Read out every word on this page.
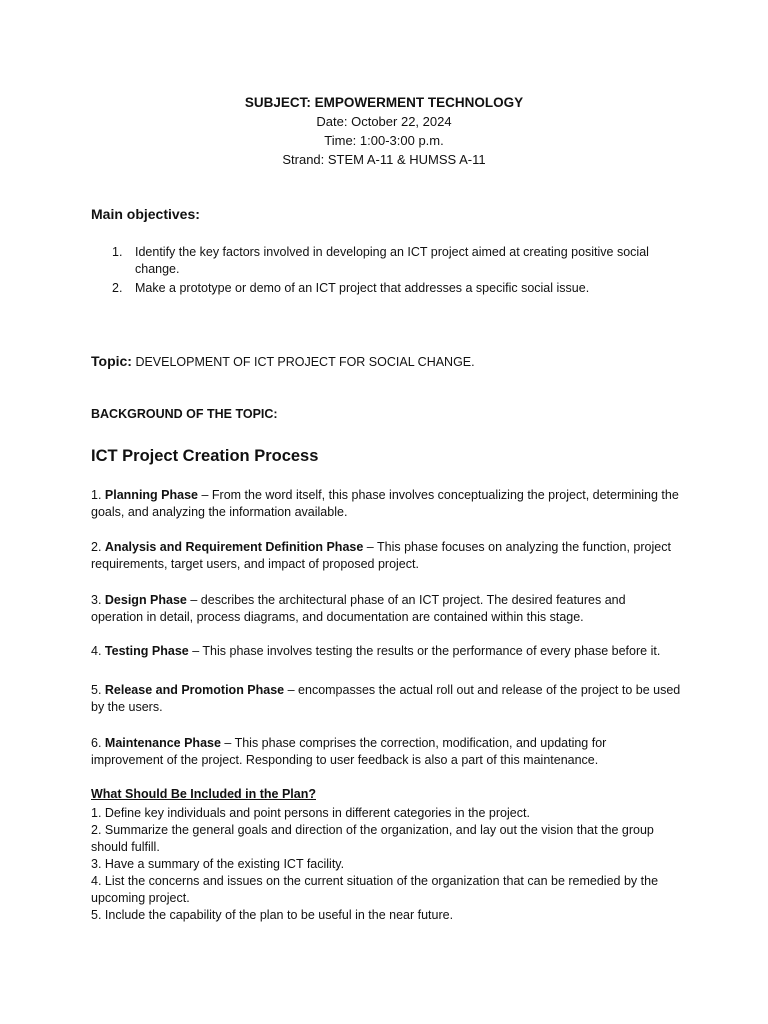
SUBJECT: EMPOWERMENT TECHNOLOGY
Date: October 22, 2024
Time: 1:00-3:00 p.m.
Strand: STEM A-11 & HUMSS A-11
Main objectives:
1.	Identify the key factors involved in developing an ICT project aimed at creating positive social change.
2.	Make a prototype or demo of an ICT project that addresses a specific social issue.
Topic: DEVELOPMENT OF ICT PROJECT FOR SOCIAL CHANGE.
BACKGROUND OF THE TOPIC:
ICT Project Creation Process
1. Planning Phase – From the word itself, this phase involves conceptualizing the project, determining the goals, and analyzing the information available.
2. Analysis and Requirement Definition Phase – This phase focuses on analyzing the function, project requirements, target users, and impact of proposed project.
3. Design Phase – describes the architectural phase of an ICT project. The desired features and operation in detail, process diagrams, and documentation are contained within this stage.
4. Testing Phase – This phase involves testing the results or the performance of every phase before it.
5. Release and Promotion Phase – encompasses the actual roll out and release of the project to be used by the users.
6. Maintenance Phase – This phase comprises the correction, modification, and updating for improvement of the project. Responding to user feedback is also a part of this maintenance.
What Should Be Included in the Plan?
1. Define key individuals and point persons in different categories in the project.
2. Summarize the general goals and direction of the organization, and lay out the vision that the group should fulfill.
3. Have a summary of the existing ICT facility.
4. List the concerns and issues on the current situation of the organization that can be remedied by the upcoming project.
5. Include the capability of the plan to be useful in the near future.
